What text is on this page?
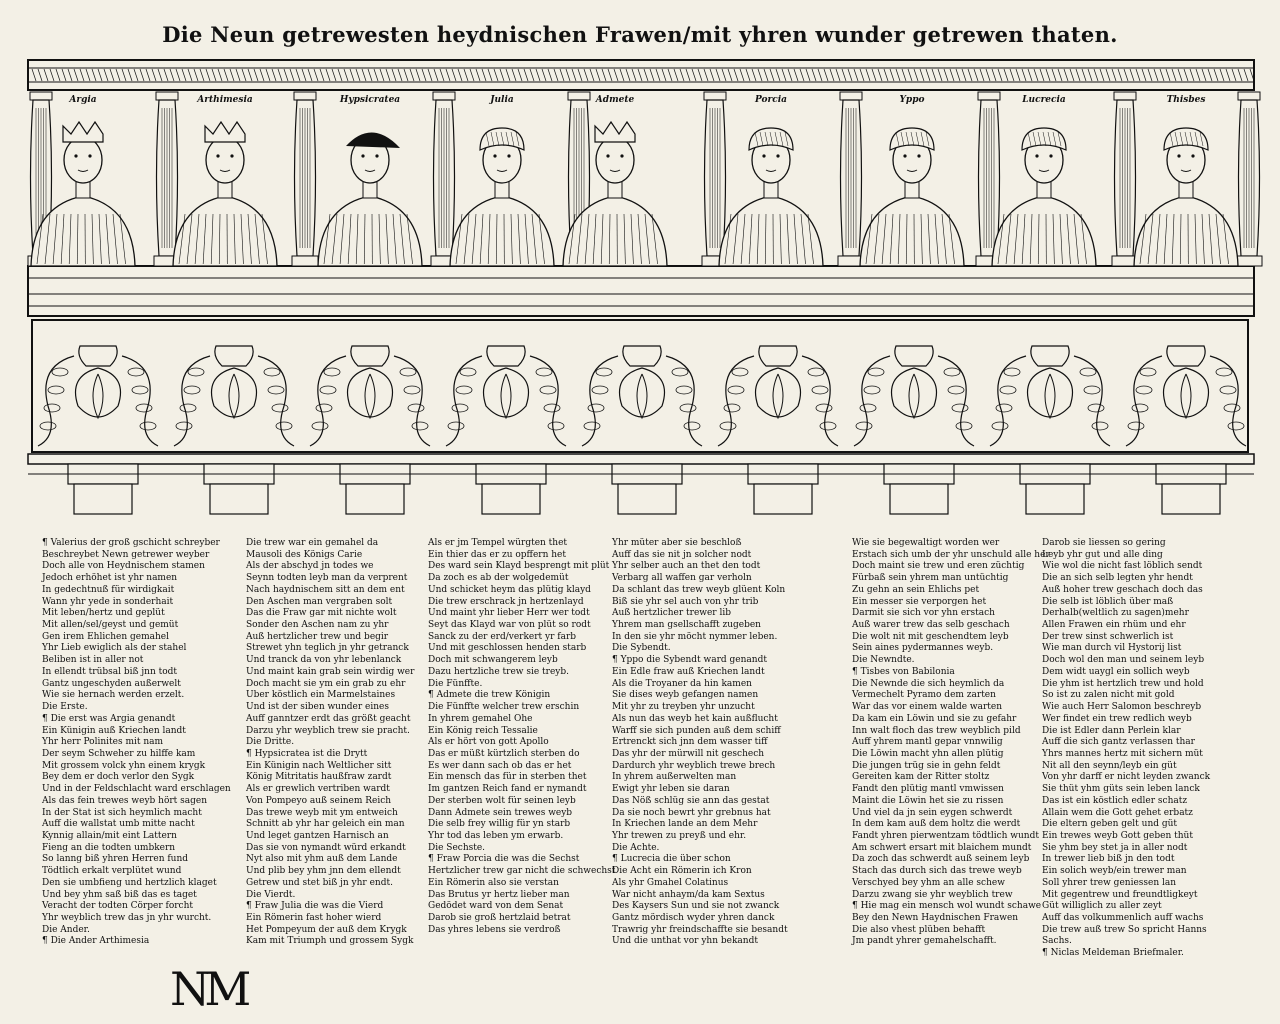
Die Neun getrewesten heydnischen Frawen/mit yhren wunder getrewen thaten.
Argia	Arthimesia	Hypsicratea	Julia	Admete	Porcia	Yppo	Lucrecia	Thisbes
¶ Valerius der groß gschicht schreyber
Beschreybet Newn getrewer weyber
Doch alle von Heydnischem stamen
Jedoch erhöhet ist yhr namen
In gedechtnuß für wirdigkait
Wann yhr yede in sonderhait
Mit leben/hertz und geplüt
Mit allen/sel/geyst und gemüt
Gen irem Ehlichen gemahel
Yhr Lieb ewiglich als der stahel
Beliben ist in aller not
In ellendt trübsal biß jnn todt
Gantz ungeschyden außerwelt
Wie sie hernach werden erzelt.
Die Erste.
¶ Die erst was Argia genandt
Ein Künigin auß Kriechen landt
Yhr herr Polinites mit nam
Der seym Schweher zu hilffe kam
Mit grossem volck yhn einem krygk
Bey dem er doch verlor den Sygk
Und in der Feldschlacht ward erschlagen
Als das fein trewes weyb hört sagen
In der Stat ist sich heymlich macht
Auff die wallstat umb mitte nacht
Kynnig allain/mit eint Lattern
Fieng an die todten umbkern
So lanng biß yhren Herren fund
Tödtlich erkalt verplütet wund
Den sie umbfieng und hertzlich klaget
Und bey yhm saß biß das es taget
Veracht der todten Cörper forcht
Yhr weyblich trew das jn yhr wurcht.
Die Ander.
¶ Die Ander Arthimesia
Die trew war ein gemahel da
Mausoli des Königs Carie
Als der abschyd jn todes we
Seynn todten leyb man da verprent
Nach haydnischem sitt an dem ent
Den Aschen man vergraben solt
Das die Fraw gar mit nichte wolt
Sonder den Aschen nam zu yhr
Auß hertzlicher trew und begir
Strewet yhn teglich jn yhr getranck
Und tranck da von yhr lebenlanck
Und maint kain grab sein wirdig wer
Doch macht sie ym ein grab zu ehr
Uber köstlich ein Marmelstaines
Und ist der siben wunder eines
Auff ganntzer erdt das größt geacht
Darzu yhr weyblich trew sie pracht.
Die Dritte.
¶ Hypsicratea ist die Drytt
Ein Künigin nach Weltlicher sitt
König Mitritatis haußfraw zardt
Als er grewlich vertriben wardt
Von Pompeyo auß seinem Reich
Das trewe weyb mit ym entweich
Schnitt ab yhr har geleich ein man
Und leget gantzen Harnisch an
Das sie von nymandt würd erkandt
Nyt also mit yhm auß dem Lande
Und plib bey yhm jnn dem ellendt
Getrew und stet biß jn yhr endt.
Die Vierdt.
¶ Fraw Julia die was die Vierd
Ein Römerin fast hoher wierd
Het Pompeyum der auß dem Krygk
Kam mit Triumph und grossem Sygk
Als er jm Tempel würgten thet
Ein thier das er zu opffern het
Des ward sein Klayd besprengt mit plüt
Da zoch es ab der wolgedemüt
Und schicket heym das plütig klayd
Die trew erschrack jn hertzenlayd
Und maint yhr lieber Herr wer todt
Seyt das Klayd war von plüt so rodt
Sanck zu der erd/verkert yr farb
Und mit geschlossen henden starb
Doch mit schwangerem leyb
Dazu hertzliche trew sie treyb.
Die Fünffte.
¶ Admete die trew Königin
Die Fünffte welcher trew erschin
In yhrem gemahel Ohe
Ein König reich Tessalie
Als er hört von gott Apollo
Das er müßt kürtzlich sterben do
Es wer dann sach ob das er het
Ein mensch das für in sterben thet
Im gantzen Reich fand er nymandt
Der sterben wolt für seinen leyb
Dann Admete sein trewes weyb
Die selb frey willig für yn starb
Yhr tod das leben ym erwarb.
Die Sechste.
¶ Fraw Porcia die was die Sechst
Hertzlicher trew gar nicht die schwechst
Ein Römerin also sie verstan
Das Brutus yr hertz lieber man
Gedödet ward von dem Senat
Darob sie groß hertzlaid betrat
Das yhres lebens sie verdroß
Yhr müter aber sie beschloß
Auff das sie nit jn solcher nodt
Yhr selber auch an thet den todt
Verbarg all waffen gar verholn
Da schlant das trew weyb glüent Koln
Biß sie yhr sel auch von yhr trib
Auß hertzlicher trewer lib
Yhrem man gsellschafft zugeben
In den sie yhr möcht nymmer leben.
Die Sybendt.
¶ Yppo die Sybendt ward genandt
Ein Edle fraw auß Kriechen landt
Als die Troyaner da hin kamen
Sie dises weyb gefangen namen
Mit yhr zu treyben yhr unzucht
Als nun das weyb het kain außflucht
Warff sie sich punden auß dem schiff
Ertrenckt sich jnn dem wasser tiff
Das yhr der mürwill nit geschech
Dardurch yhr weyblich trewe brech
In yhrem außerwelten man
Ewigt yhr leben sie daran
Das Nöß schlüg sie ann das gestat
Da sie noch bewrt yhr grebnus hat
In Kriechen lande an dem Mehr
Yhr trewen zu preyß und ehr.
Die Achte.
¶ Lucrecia die über schon
Die Acht ein Römerin ich Kron
Als yhr Gmahel Colatinus
War nicht anhaym/da kam Sextus
Des Kaysers Sun und sie not zwanck
Gantz mördisch wyder yhren danck
Trawrig yhr freindschaffte sie besandt
Und die unthat vor yhn bekandt
Wie sie begewaltigt worden wer
Erstach sich umb der yhr unschuld alle her
Doch maint sie trew und eren züchtig
Fürbaß sein yhrem man untüchtig
Zu gehn an sein Ehlichs pet
Ein messer sie verporgen het
Darmit sie sich vor yhn erstach
Auß warer trew das selb geschach
Die wolt nit mit geschendtem leyb
Sein aines pydermannes weyb.
Die Newndte.
¶ Tisbes von Babilonia
Die Newnde die sich heymlich da
Vermechelt Pyramo dem zarten
War das vor einem walde warten
Da kam ein Löwin und sie zu gefahr
Inn walt floch das trew weyblich pild
Auff yhrem mantl gepar vnnwilig
Die Löwin macht yhn allen plütig
Die jungen trüg sie in gehn feldt
Gereiten kam der Ritter stoltz
Fandt den plütig mantl vmwissen
Maint die Löwin het sie zu rissen
Und viel da jn sein eygen schwerdt
In dem kam auß dem holtz die werdt
Fandt yhren pierwentzam tödtlich wundt
Am schwert ersart mit blaichem mundt
Da zoch das schwerdt auß seinem leyb
Stach das durch sich das trewe weyb
Verschyed bey yhm an alle schew
Darzu zwang sie yhr weyblich trew
¶ Hie mag ein mensch wol wundt schawe
Bey den Newn Haydnischen Frawen
Die also vhest plüben behafft
Jm pandt yhrer gemahelschafft.
Darob sie liessen so gering
Leyb yhr gut und alle ding
Wie wol die nicht fast löblich sendt
Die an sich selb legten yhr hendt
Auß hoher trew geschach doch das
Die selb ist löblich über maß
Derhalb(weltlich zu sagen)mehr
Allen Frawen ein rhüm und ehr
Der trew sinst schwerlich ist
Wie man durch vil Hystorij list
Doch wol den man und seinem leyb
Dem widt uaygl ein sollich weyb
Die yhm ist hertzlich trew und hold
So ist zu zalen nicht mit gold
Wie auch Herr Salomon beschreyb
Wer findet ein trew redlich weyb
Die ist Edler dann Perlein klar
Auff die sich gantz verlassen thar
Yhrs mannes hertz mit sichern müt
Nit all den seynn/leyb ein güt
Von yhr darff er nicht leyden zwanck
Sie thüt yhm güts sein leben lanck
Das ist ein köstlich edler schatz
Allain wem die Gott gehet erbatz
Die eltern geben gelt und güt
Ein trewes weyb Gott geben thüt
Sie yhm bey stet ja in aller nodt
In trewer lieb biß jn den todt
Ein solich weyb/ein trewer man
Soll yhrer trew geniessen lan
Mit gegentrew und freundtligkeyt
Güt williglich zu aller zeyt
Auff das volkummenlich auff wachs
Die trew auß trew So spricht Hanns
Sachs.
¶ Niclas Meldeman Briefmaler.
NM
